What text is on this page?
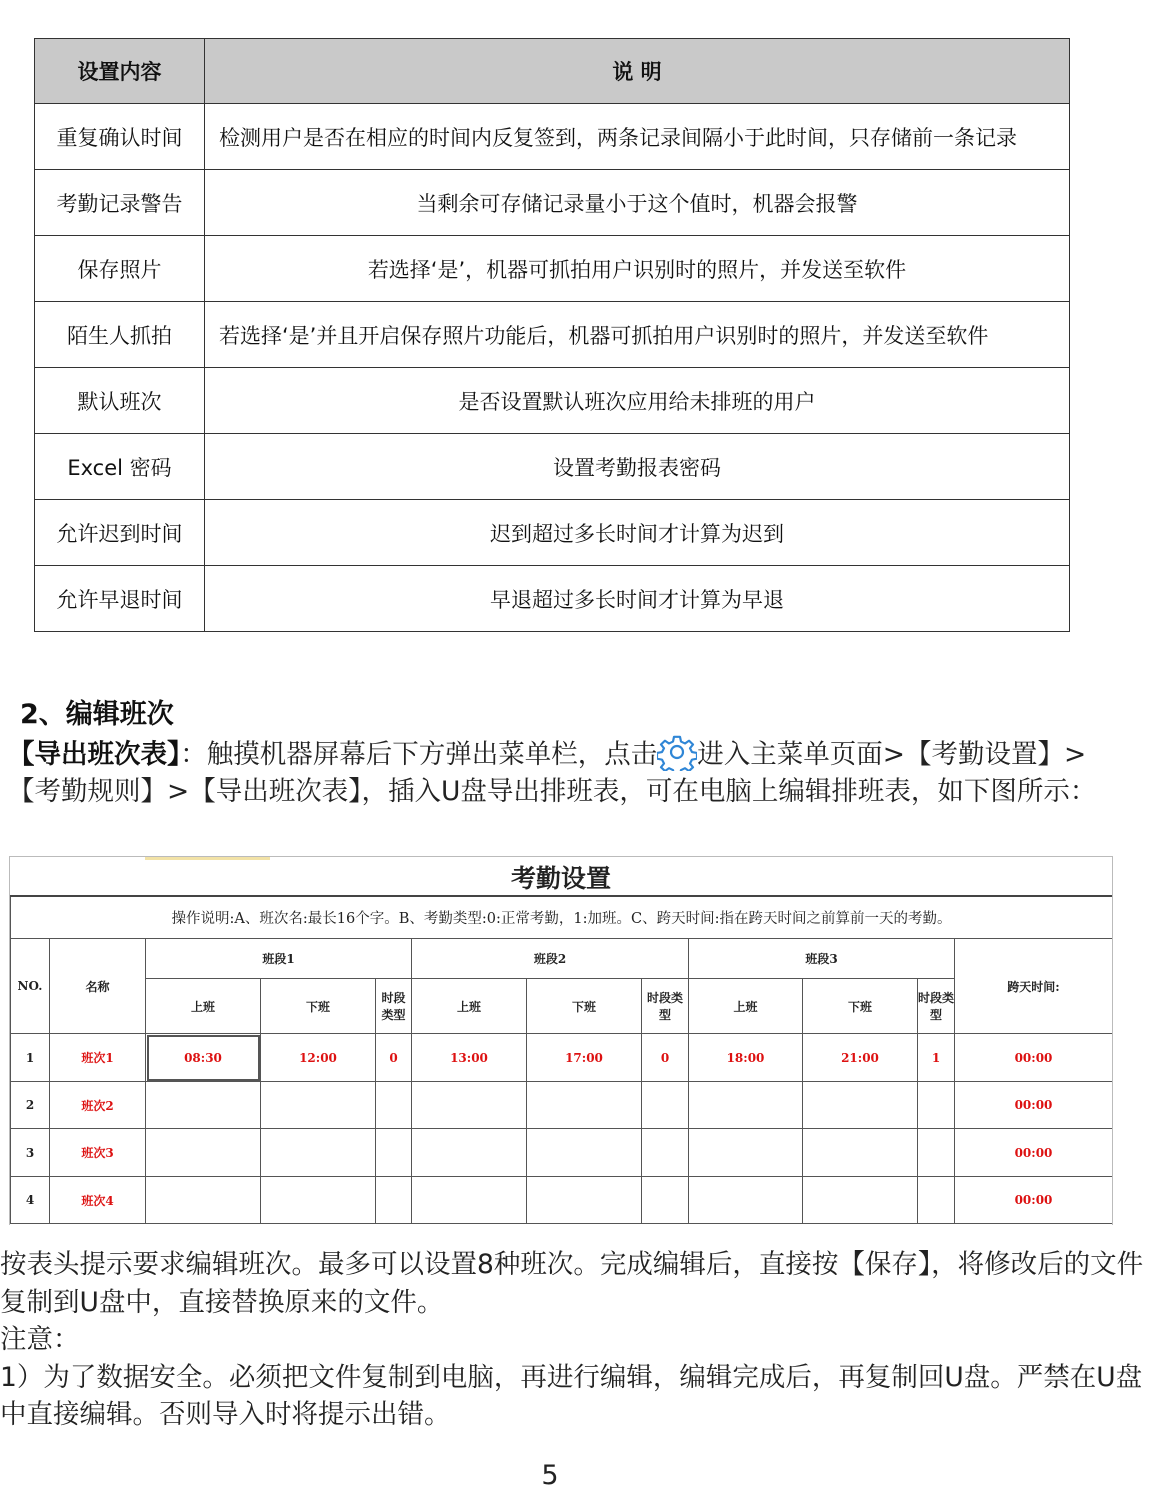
设置内容	说 明
重复确认时间	检测用户是否在相应的时间内反复签到，两条记录间隔小于此时间，只存储前一条记录
考勤记录警告	当剩余可存储记录量小于这个值时，机器会报警
保存照片	若选择‘是’，机器可抓拍用户识别时的照片，并发送至软件
陌生人抓拍	若选择‘是’并且开启保存照片功能后，机器可抓拍用户识别时的照片，并发送至软件
默认班次	是否设置默认班次应用给未排班的用户
Excel 密码	设置考勤报表密码
允许迟到时间	迟到超过多长时间才计算为迟到
允许早退时间	早退超过多长时间才计算为早退
2、编辑班次
【导出班次表】：触摸机器屏幕后下方弹出菜单栏，点击 进入主菜单页面>【考勤设置】>【考勤规则】>【导出班次表】，插入U盘导出排班表，可在电脑上编辑排班表，如下图所示：
考勤设置
操作说明:A、班次名:最长16个字。B、考勤类型:0:正常考勤，1:加班。C、跨天时间:指在跨天时间之前算前一天的考勤。											
NO.	名称	班段1			班段2			班段3			跨天时间:
		上班	下班	时段类型	上班	下班	时段类型	上班	下班	时段类型	
1	班次1	08:30	12:00	0	13:00	17:00	0	18:00	21:00	1	00:00
2	班次2										00:00
3	班次3										00:00
4	班次4										00:00

按表头提示要求编辑班次。最多可以设置8种班次。完成编辑后，直接按【保存】，将修改后的文件复制到U盘中，直接替换原来的文件。

注意：

1）为了数据安全。必须把文件复制到电脑，再进行编辑，编辑完成后，再复制回U盘。严禁在U盘中直接编辑。否则导入时将提示出错。

5
